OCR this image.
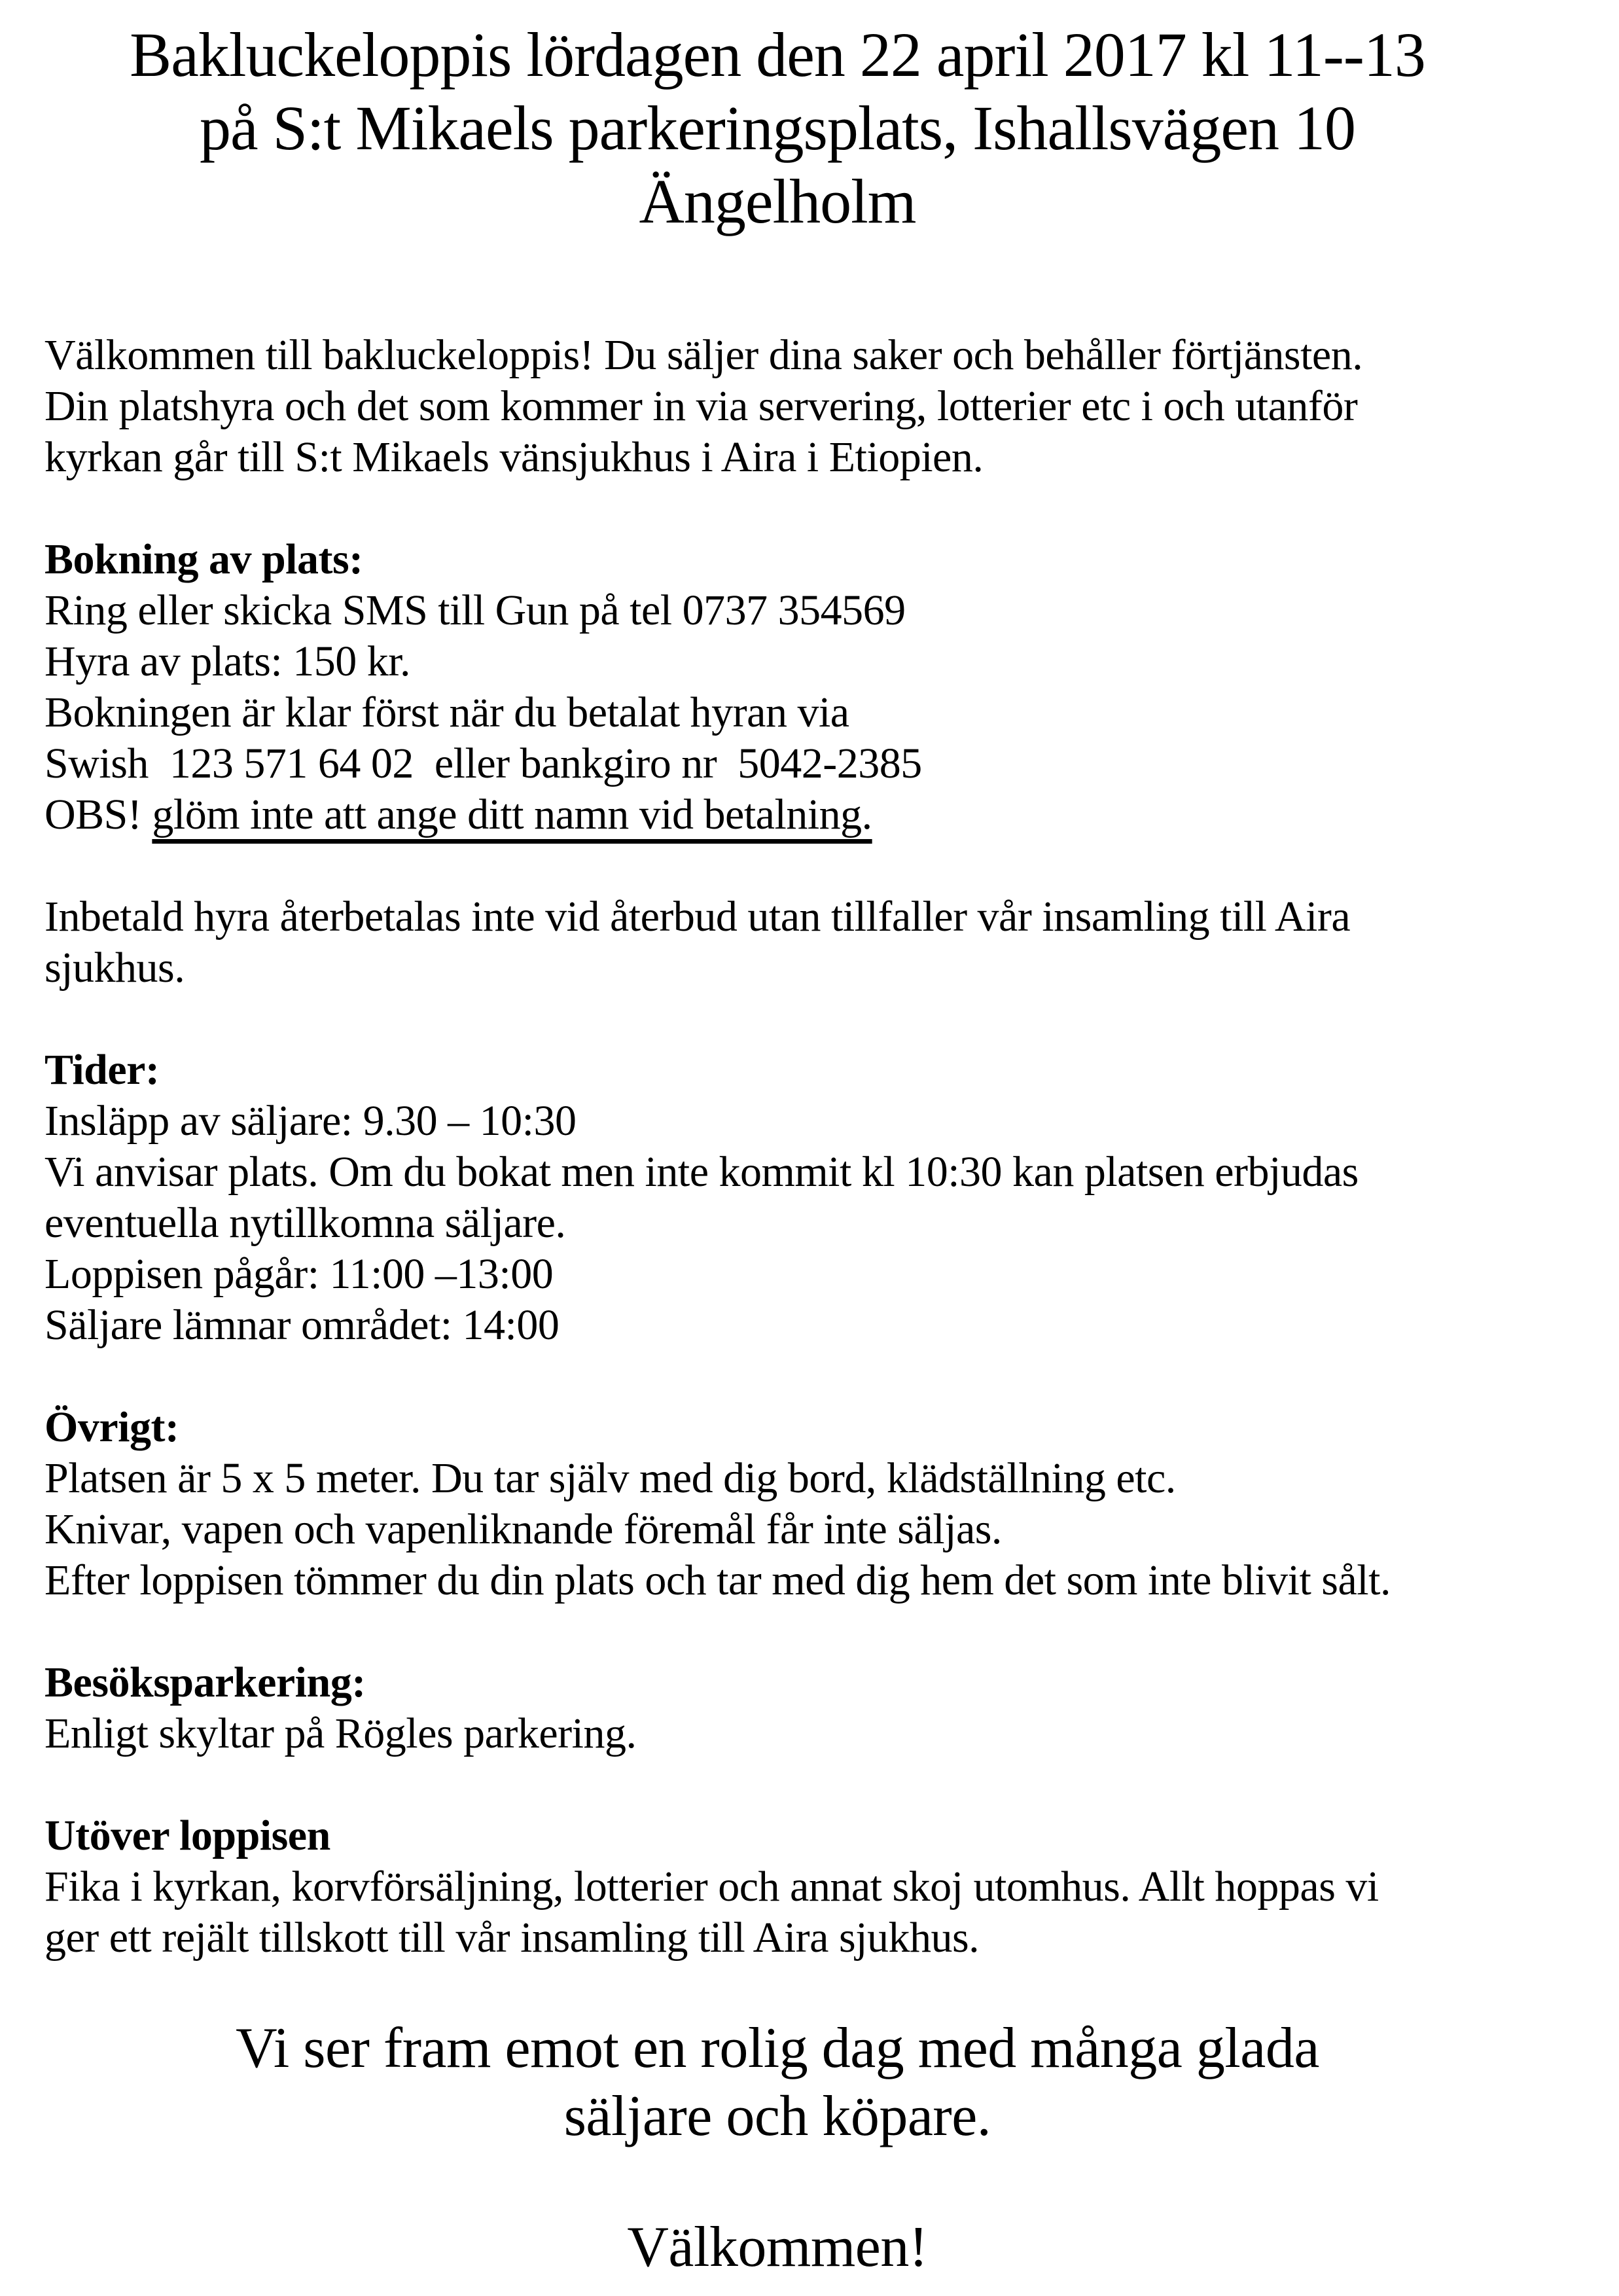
Bakluckeloppis lördagen den 22 april 2017 kl 11--13
på S:t Mikaels parkeringsplats, Ishallsvägen 10
Ängelholm
Välkommen till bakluckeloppis! Du säljer dina saker och behåller förtjänsten.
Din platshyra och det som kommer in via servering, lotterier etc i och utanför
kyrkan går till S:t Mikaels vänsjukhus i Aira i Etiopien.
Bokning av plats:
Ring eller skicka SMS till Gun på tel 0737 354569
Hyra av plats: 150 kr.
Bokningen är klar först när du betalat hyran via
Swish  123 571 64 02  eller bankgiro nr  5042-2385
OBS! glöm inte att ange ditt namn vid betalning.
Inbetald hyra återbetalas inte vid återbud utan tillfaller vår insamling till Aira
sjukhus.
Tider:
Insläpp av säljare: 9.30 – 10:30
Vi anvisar plats. Om du bokat men inte kommit kl 10:30 kan platsen erbjudas
eventuella nytillkomna säljare.
Loppisen pågår: 11:00 –13:00
Säljare lämnar området: 14:00
Övrigt:
Platsen är 5 x 5 meter. Du tar själv med dig bord, klädställning etc.
Knivar, vapen och vapenliknande föremål får inte säljas.
Efter loppisen tömmer du din plats och tar med dig hem det som inte blivit sålt.
Besöksparkering:
Enligt skyltar på Rögles parkering.
Utöver loppisen
Fika i kyrkan, korvförsäljning, lotterier och annat skoj utomhus. Allt hoppas vi
ger ett rejält tillskott till vår insamling till Aira sjukhus.
Vi ser fram emot en rolig dag med många glada
säljare och köpare.
Välkommen!
